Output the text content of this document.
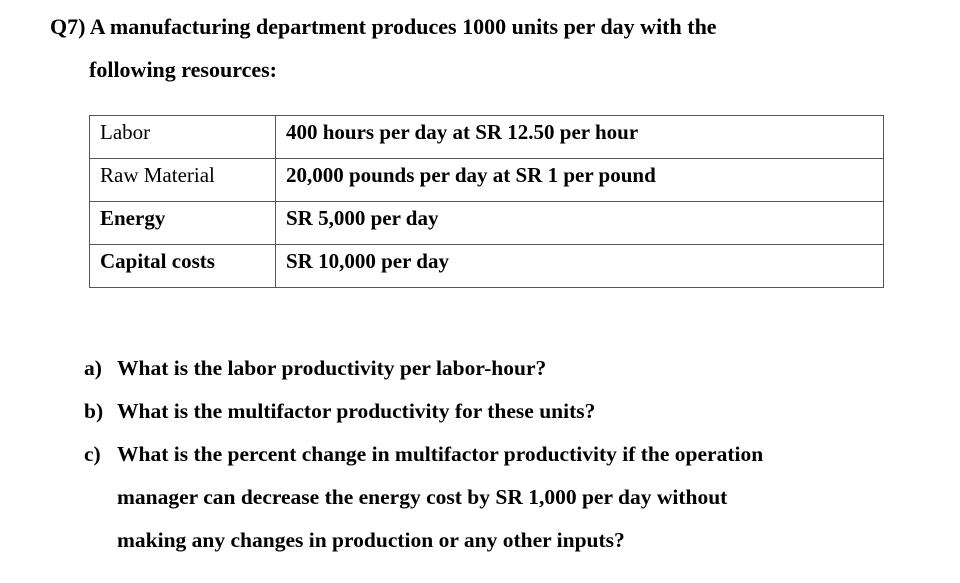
Q7) A manufacturing department produces 1000 units per day with the
following resources:
Labor	400 hours per day at SR 12.50 per hour
Raw Material	20,000 pounds per day at SR 1 per pound
Energy	SR 5,000 per day
Capital costs	SR 10,000 per day
a) What is the labor productivity per labor-hour?
b) What is the multifactor productivity for these units?
c) What is the percent change in multifactor productivity if the operation
manager can decrease the energy cost by SR 1,000 per day without
making any changes in production or any other inputs?
